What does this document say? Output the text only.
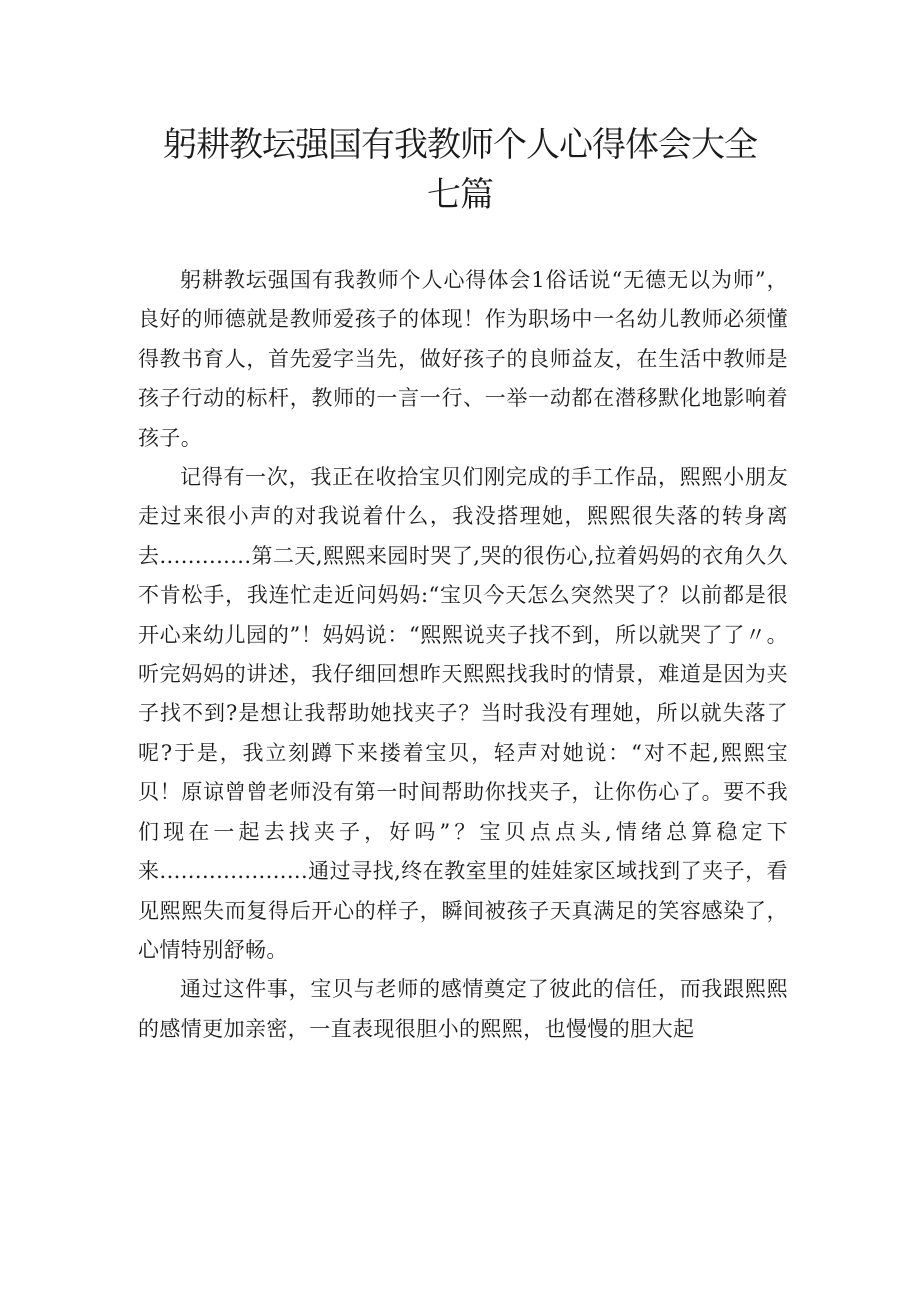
躬耕教坛强国有我教师个人心得体会大全
七篇

躬耕教坛强国有我教师个人心得体会1俗话说“无德无以为师”，良好的师德就是教师爱孩子的体现！作为职场中一名幼儿教师必须懂得教书育人，首先爱字当先，做好孩子的良师益友，在生活中教师是孩子行动的标杆，教师的一言一行、一举一动都在潜移默化地影响着孩子。

记得有一次，我正在收拾宝贝们刚完成的手工作品，熙熙小朋友走过来很小声的对我说着什么，我没搭理她，熙熙很失落的转身离去.............第二天,熙熙来园时哭了,哭的很伤心,拉着妈妈的衣角久久不肯松手，我连忙走近问妈妈:“宝贝今天怎么突然哭了？以前都是很开心来幼儿园的”！妈妈说：“熙熙说夹子找不到，所以就哭了了〃。听完妈妈的讲述，我仔细回想昨天熙熙找我时的情景，难道是因为夹子找不到?是想让我帮助她找夹子？当时我没有理她，所以就失落了呢?于是，我立刻蹲下来搂着宝贝，轻声对她说：“对不起,熙熙宝贝！原谅曾曾老师没有第一时间帮助你找夹子，让你伤心了。要不我们现在一起去找夹子，好吗”？宝贝点点头,情绪总算稳定下来.....................通过寻找,终在教室里的娃娃家区域找到了夹子，看见熙熙失而复得后开心的样子，瞬间被孩子天真满足的笑容感染了，心情特别舒畅。

通过这件事，宝贝与老师的感情奠定了彼此的信任，而我跟熙熙的感情更加亲密，一直表现很胆小的熙熙，也慢慢的胆大起
